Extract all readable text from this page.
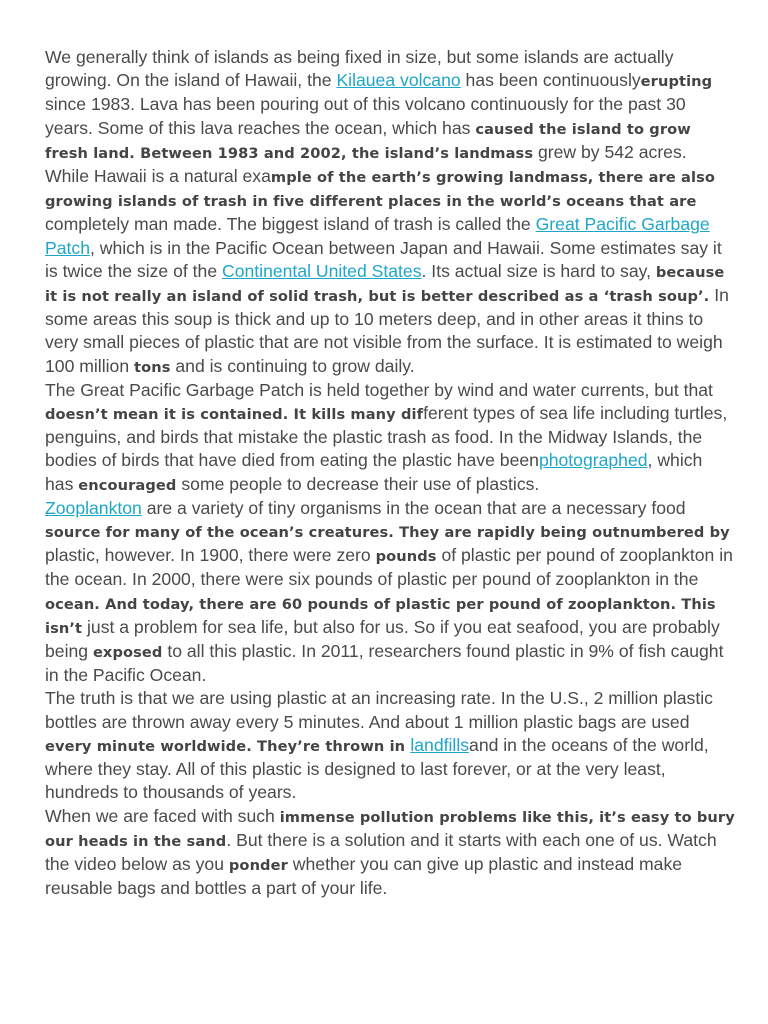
We generally think of islands as being fixed in size, but some islands are actually growing. On the island of Hawaii, the Kilauea volcano has been continuouslyerupting since 1983. Lava has been pouring out of this volcano continuously for the past 30 years. Some of this lava reaches the ocean, which has caused the island to grow fresh land. Between 1983 and 2002, the island’s landmass grew by 542 acres.

While Hawaii is a natural example of the earth’s growing landmass, there are also growing islands of trash in five different places in the world’s oceans that are completely man made. The biggest island of trash is called the Great Pacific Garbage Patch, which is in the Pacific Ocean between Japan and Hawaii. Some estimates say it is twice the size of the Continental United States. Its actual size is hard to say, because it is not really an island of solid trash, but is better described as a ‘trash soup’. In some areas this soup is thick and up to 10 meters deep, and in other areas it thins to very small pieces of plastic that are not visible from the surface. It is estimated to weigh 100 million tons and is continuing to grow daily.

The Great Pacific Garbage Patch is held together by wind and water currents, but that doesn’t mean it is contained. It kills many different types of sea life including turtles, penguins, and birds that mistake the plastic trash as food. In the Midway Islands, the bodies of birds that have died from eating the plastic have beenphotographed, which has encouraged some people to decrease their use of plastics.

Zooplankton are a variety of tiny organisms in the ocean that are a necessary food source for many of the ocean’s creatures. They are rapidly being outnumbered by plastic, however. In 1900, there were zero pounds of plastic per pound of zooplankton in the ocean. In 2000, there were six pounds of plastic per pound of zooplankton in the ocean. And today, there are 60 pounds of plastic per pound of zooplankton. This isn’t just a problem for sea life, but also for us. So if you eat seafood, you are probably being exposed to all this plastic. In 2011, researchers found plastic in 9% of fish caught in the Pacific Ocean.

The truth is that we are using plastic at an increasing rate. In the U.S., 2 million plastic bottles are thrown away every 5 minutes. And about 1 million plastic bags are used every minute worldwide. They’re thrown in landfillsand in the oceans of the world, where they stay. All of this plastic is designed to last forever, or at the very least, hundreds to thousands of years.

When we are faced with such immense pollution problems like this, it’s easy to bury our heads in the sand. But there is a solution and it starts with each one of us. Watch the video below as you ponder whether you can give up plastic and instead make reusable bags and bottles a part of your life.
